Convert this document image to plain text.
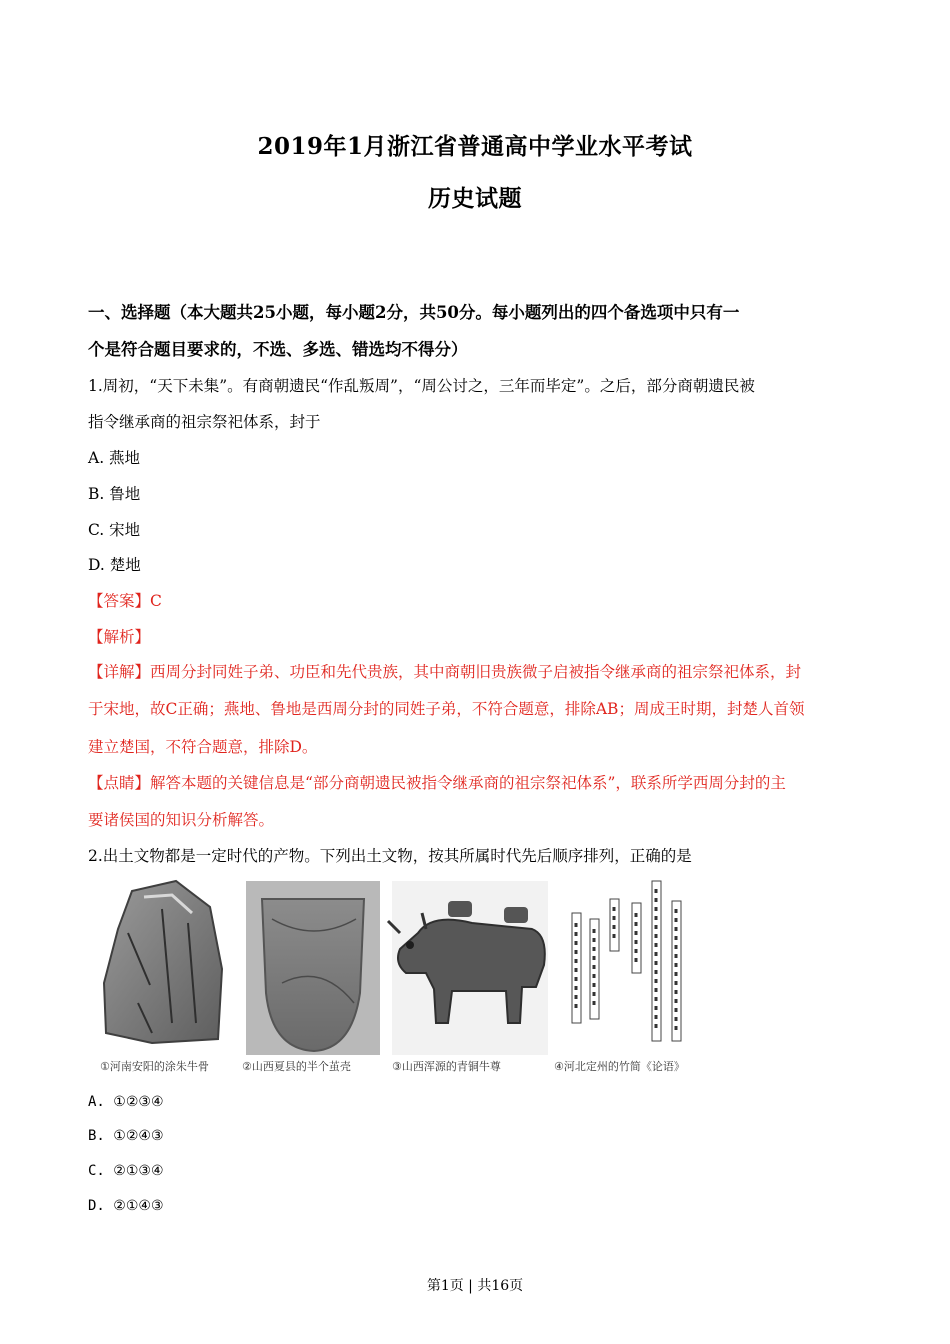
2019年1月浙江省普通高中学业水平考试
历史试题
一、选择题（本大题共25小题，每小题2分，共50分。每小题列出的四个备选项中只有一
个是符合题目要求的，不选、多选、错选均不得分）
1.周初，“天下未集”。有商朝遗民“作乱叛周”，“周公讨之，三年而毕定”。之后，部分商朝遗民被
指令继承商的祖宗祭祀体系，封于
A. 燕地
B. 鲁地
C. 宋地
D. 楚地
【答案】C
【解析】
【详解】西周分封同姓子弟、功臣和先代贵族，其中商朝旧贵族微子启被指令继承商的祖宗祭祀体系，封
于宋地，故C正确；燕地、鲁地是西周分封的同姓子弟，不符合题意，排除AB；周成王时期，封楚人首领
建立楚国，不符合题意，排除D。
【点睛】解答本题的关键信息是“部分商朝遗民被指令继承商的祖宗祭祀体系”，联系所学西周分封的主
要诸侯国的知识分析解答。
2.出土文物都是一定时代的产物。下列出土文物，按其所属时代先后顺序排列，正确的是
①河南安阳的涂朱牛骨	②山西夏县的半个茧壳	③山西浑源的青铜牛尊	④河北定州的竹简《论语》
A. ①②③④
B. ①②④③
C. ②①③④
D. ②①④③
第1页 | 共16页
